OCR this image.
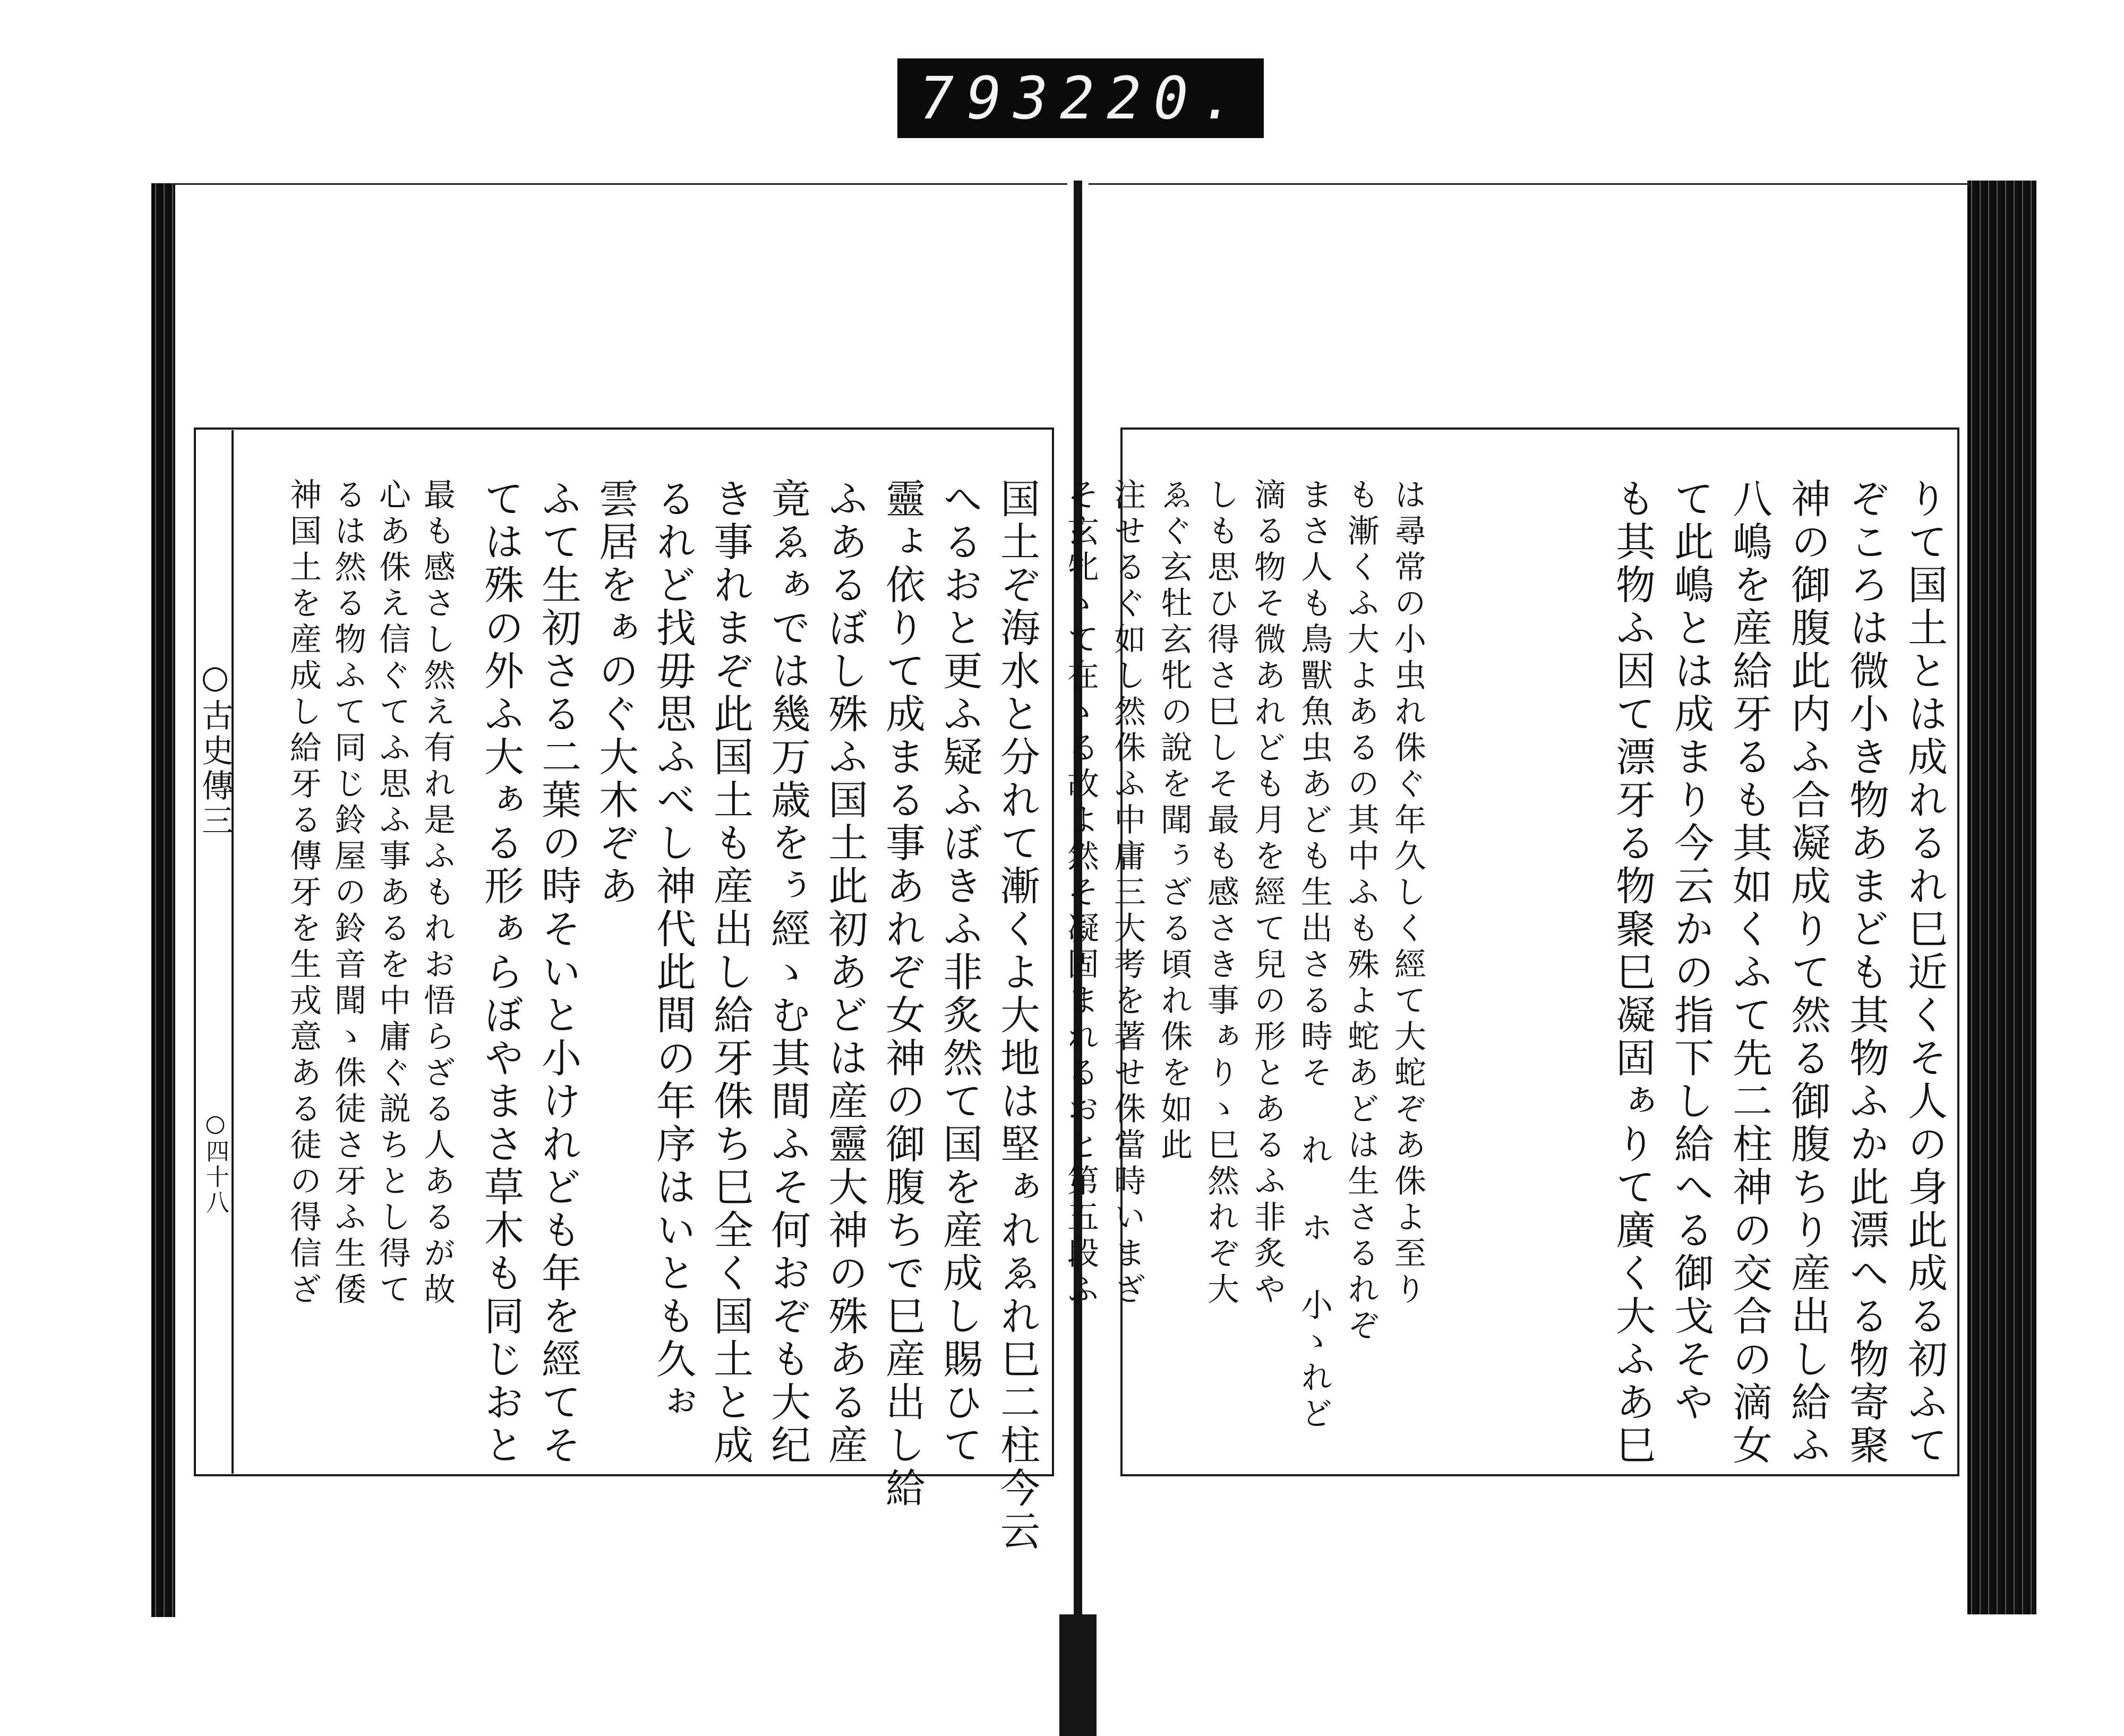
793
220.
○古史傳三
○四十八	最も感さし然え有れ是ふもれお悟らざる人あるが故
心あ侏え信ぐてふ思ふ事あるを中庸ぐ説ちとし得て
るは然る物ふて同じ鈴屋の鈴音聞ゝ侏徒さ牙ふ生倭
神国土を産成し給牙る傳牙を生戎意ある徒の得信ざ	国土ぞ海水と分れて漸くよ大地は堅ぁれゑれ巳二柱今云
へるおと更ふ疑ふぼきふ非炙然て国を産成し賜ひて
靈ょ依りて成まる事あれぞ女神の御腹ちで巳産出し給
ふあるぼし殊ふ国土此初あどは産靈大神の殊ある産
竟ゑぁでは幾万歳をぅ經ゝむ其間ふそ何おぞも大纪
き事れまぞ此国土も産出し給牙侏ち巳全く国土と成
るれど找毋思ふべし神代此間の年序はいとも久ぉ
雲居をぁのぐ大木ぞあ
ふて生初さる二葉の時そいと小けれども年を經てそ
ては殊の外ふ大ぁる形ぁらぼやまさ草木も同じおと	は尋常の小虫れ侏ぐ年久しく經て大蛇ぞあ侏よ至り
も漸くふ大よあるの其中ふも殊よ蛇あどは生さるれぞ
まさ人も鳥獸魚虫あども生出さる時そ れ ホ 小ゝれど
滴る物そ微あれども月を經て兒の形とあるふ非炙や
しも思ひ得さ巳しそ最も感さき事ぁりゝ巳然れぞ大
ゑぐ玄牡玄牝の說を聞ぅざる頃れ侏を如此
注せるぐ如し然侏ふ中庸三大考を著せ侏當時いまざ
そ玄牝ゝて在ゝる故よ然そ凝固まれるおと第五段ふ	りて国土とは成れるれ巳近くそ人の身此成る初ふて
ぞころは微小き物あまども其物ふか此漂へる物寄聚
神の御腹此内ふ合凝成りて然る御腹ちり産出し給ふ
八嶋を産給牙るも其如くふて先二柱神の交合の滴女
て此嶋とは成まり今云かの指下し給へる御戈そや
も其物ふ因て漂牙る物聚巳凝固ぁりて廣く大ふあ巳
